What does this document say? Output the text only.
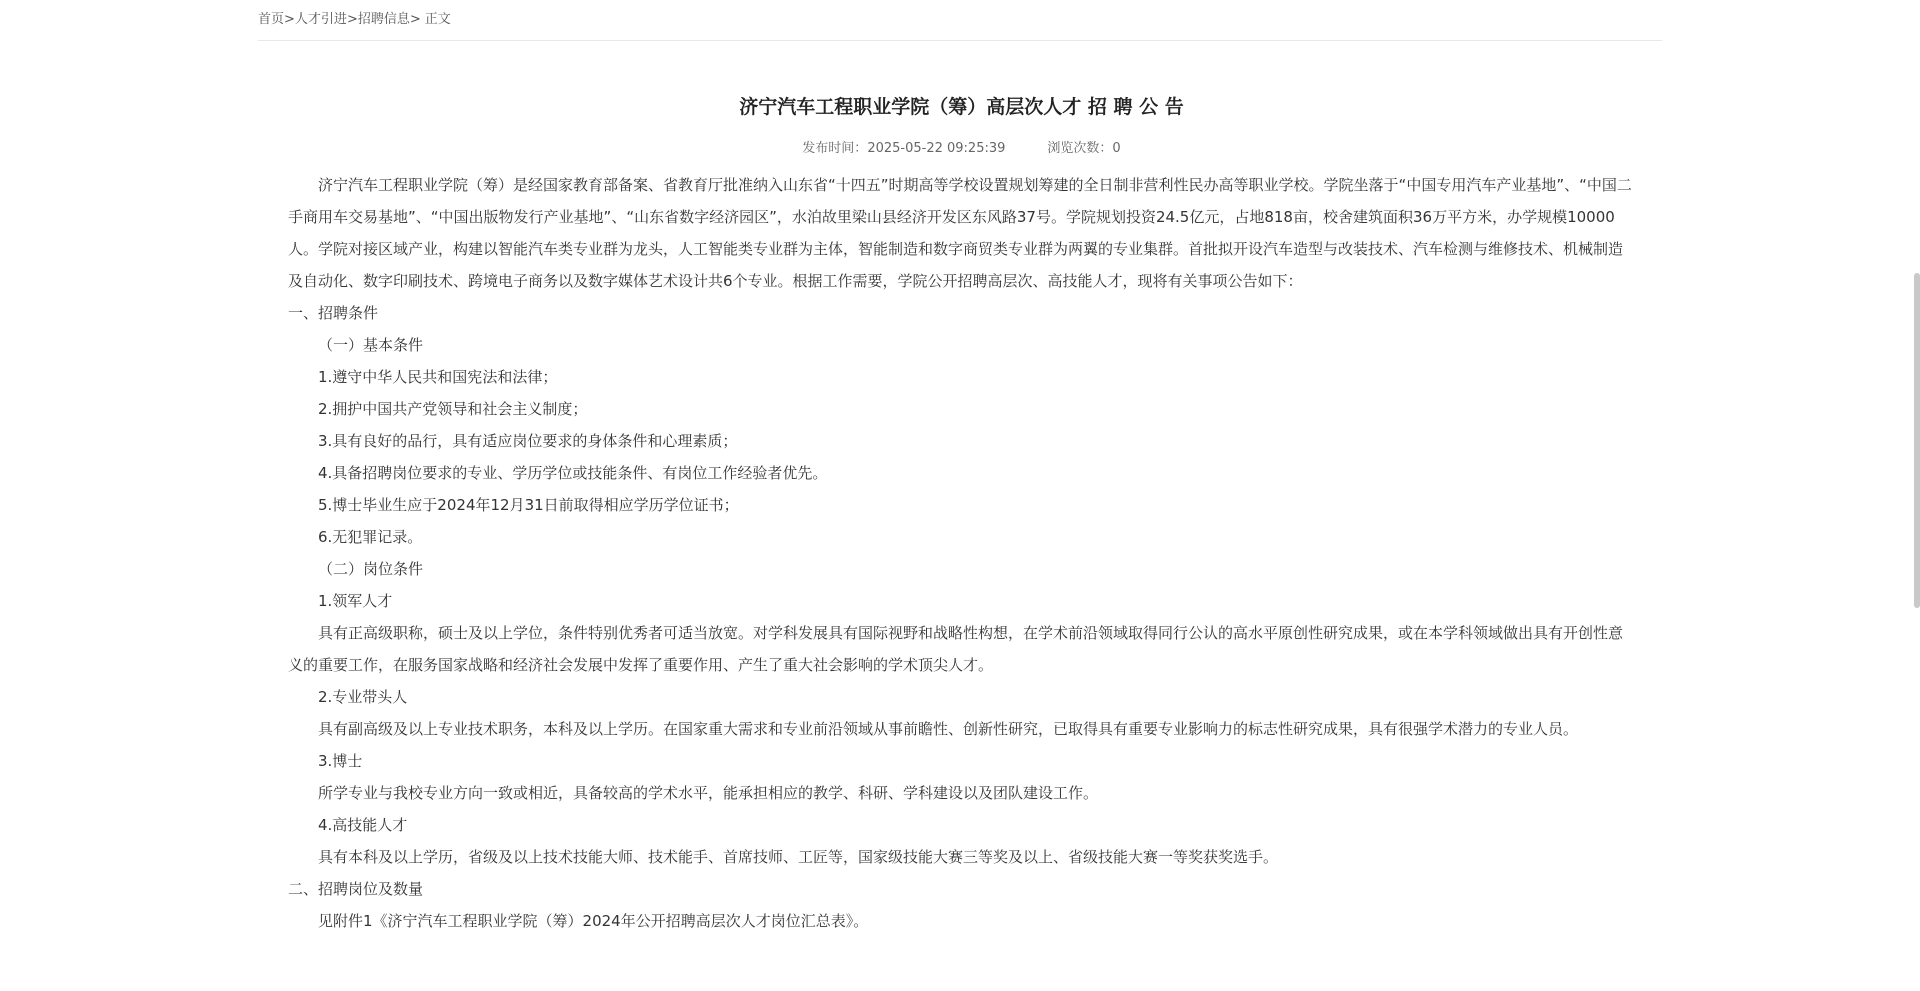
首页>人才引进>招聘信息> 正文
济宁汽车工程职业学院（筹）高层次人才 招 聘 公 告
发布时间：2025-05-22 09:25:39	浏览次数：0

济宁汽车工程职业学院（筹）是经国家教育部备案、省教育厅批准纳入山东省“十四五”时期高等学校设置规划筹建的全日制非营利性民办高等职业学校。学院坐落于“中国专用汽车产业基地”、“中国二手商用车交易基地”、“中国出版物发行产业基地”、“山东省数字经济园区”，水泊故里梁山县经济开发区东风路37号。学院规划投资24.5亿元，占地818亩，校舍建筑面积36万平方米，办学规模10000人。学院对接区域产业，构建以智能汽车类专业群为龙头，人工智能类专业群为主体，智能制造和数字商贸类专业群为两翼的专业集群。首批拟开设汽车造型与改装技术、汽车检测与维修技术、机械制造及自动化、数字印刷技术、跨境电子商务以及数字媒体艺术设计共6个专业。根据工作需要，学院公开招聘高层次、高技能人才，现将有关事项公告如下：

一、招聘条件

（一）基本条件

1.遵守中华人民共和国宪法和法律；

2.拥护中国共产党领导和社会主义制度；

3.具有良好的品行，具有适应岗位要求的身体条件和心理素质；

4.具备招聘岗位要求的专业、学历学位或技能条件、有岗位工作经验者优先。

5.博士毕业生应于2024年12月31日前取得相应学历学位证书；

6.无犯罪记录。

（二）岗位条件

1.领军人才

具有正高级职称，硕士及以上学位，条件特别优秀者可适当放宽。对学科发展具有国际视野和战略性构想，在学术前沿领域取得同行公认的高水平原创性研究成果，或在本学科领域做出具有开创性意义的重要工作，在服务国家战略和经济社会发展中发挥了重要作用、产生了重大社会影响的学术顶尖人才。

2.专业带头人

具有副高级及以上专业技术职务，本科及以上学历。在国家重大需求和专业前沿领域从事前瞻性、创新性研究，已取得具有重要专业影响力的标志性研究成果，具有很强学术潜力的专业人员。

3.博士

所学专业与我校专业方向一致或相近，具备较高的学术水平，能承担相应的教学、科研、学科建设以及团队建设工作。

4.高技能人才

具有本科及以上学历，省级及以上技术技能大师、技术能手、首席技师、工匠等，国家级技能大赛三等奖及以上、省级技能大赛一等奖获奖选手。

二、招聘岗位及数量

见附件1《济宁汽车工程职业学院（筹）2024年公开招聘高层次人才岗位汇总表》。
